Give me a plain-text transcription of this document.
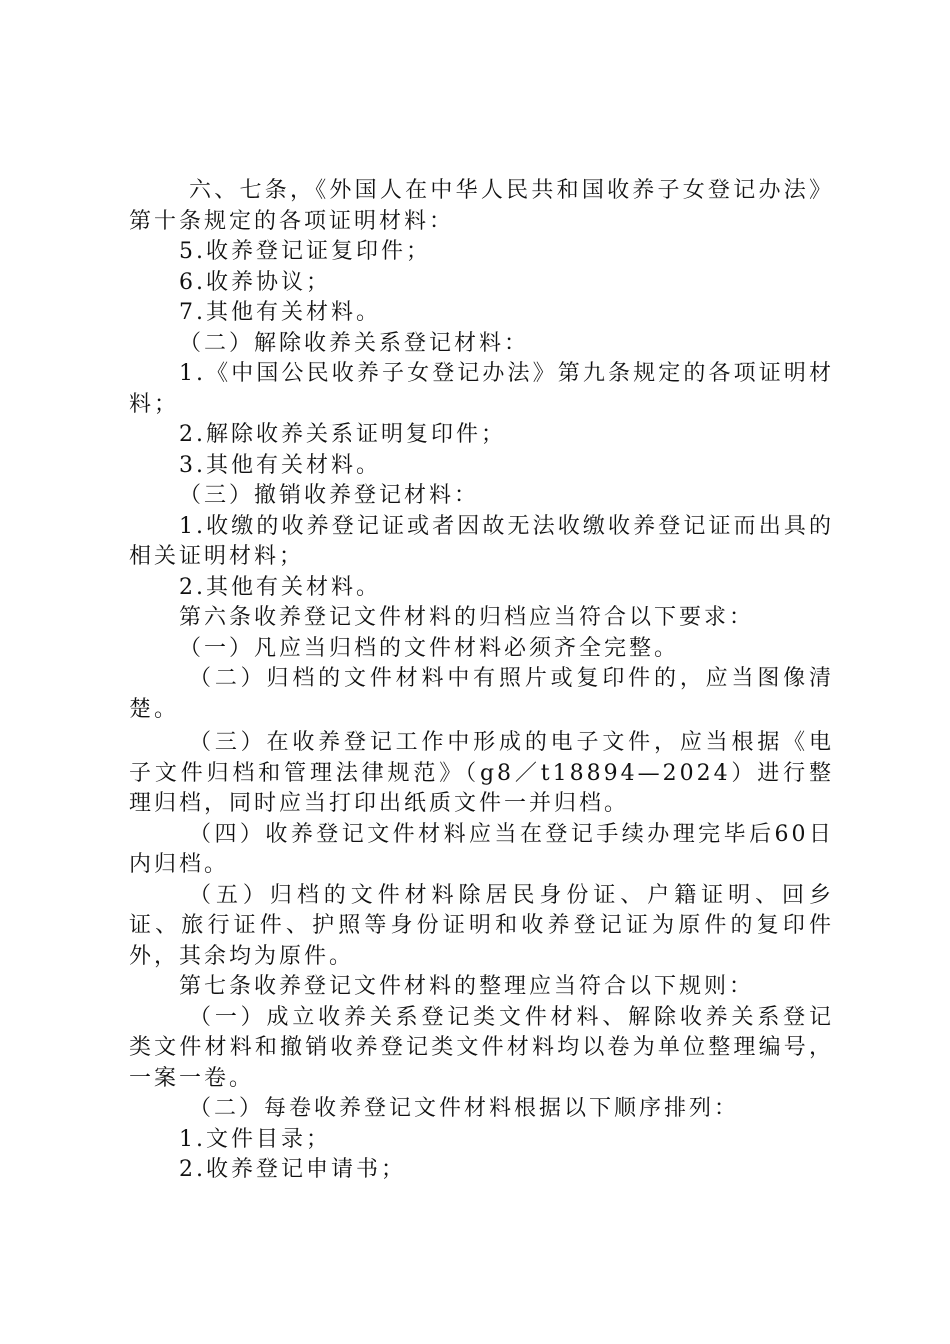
六、七条，《外国人在中华人民共和国收养子女登记办法》第十条规定的各项证明材料：

5.收养登记证复印件；

6.收养协议；

7.其他有关材料。

（二）解除收养关系登记材料：

1.《中国公民收养子女登记办法》第九条规定的各项证明材料；

2.解除收养关系证明复印件；

3.其他有关材料。

（三）撤销收养登记材料：

1.收缴的收养登记证或者因故无法收缴收养登记证而出具的相关证明材料；

2.其他有关材料。

第六条收养登记文件材料的归档应当符合以下要求：

（一）凡应当归档的文件材料必须齐全完整。

（二）归档的文件材料中有照片或复印件的，应当图像清楚。

（三）在收养登记工作中形成的电子文件，应当根据《电子文件归档和管理法律规范》（g8／t18894—2024）进行整理归档，同时应当打印出纸质文件一并归档。

（四）收养登记文件材料应当在登记手续办理完毕后60日内归档。

（五）归档的文件材料除居民身份证、户籍证明、回乡证、旅行证件、护照等身份证明和收养登记证为原件的复印件外，其余均为原件。

第七条收养登记文件材料的整理应当符合以下规则：

（一）成立收养关系登记类文件材料、解除收养关系登记类文件材料和撤销收养登记类文件材料均以卷为单位整理编号，一案一卷。

（二）每卷收养登记文件材料根据以下顺序排列：

1.文件目录；

2.收养登记申请书；
